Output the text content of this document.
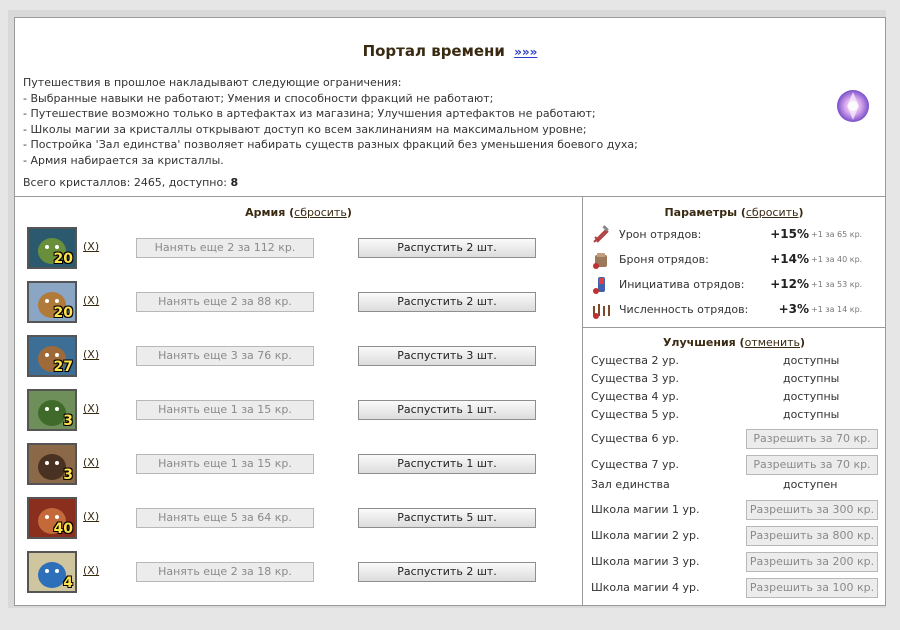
Портал времени »»»
Путешествия в прошлое накладывают следующие ограничения:
- Выбранные навыки не работают; Умения и способности фракций не работают;
- Путешествие возможно только в артефактах из магазина; Улучшения артефактов не работают;
- Школы магии за кристаллы открывают доступ ко всем заклинаниям на максимальном уровне;
- Постройка 'Зал единства' позволяет набирать существ разных фракций без уменьшения боевого духа;
- Армия набирается за кристаллы.
Всего кристаллов: 2465, доступно: 8
Армия (сбросить)
20
(X)	Нанять еще 2 за 112 кр.	Распустить 2 шт.
20
(X)	Нанять еще 2 за 88 кр.	Распустить 2 шт.
27
(X)	Нанять еще 3 за 76 кр.	Распустить 3 шт.
3
(X)	Нанять еще 1 за 15 кр.	Распустить 1 шт.
3
(X)	Нанять еще 1 за 15 кр.	Распустить 1 шт.
40
(X)	Нанять еще 5 за 64 кр.	Распустить 5 шт.
4
(X)	Нанять еще 2 за 18 кр.	Распустить 2 шт.
Параметры (сбросить)
Урон отрядов:	+15% +1 за 65 кр.
Броня отрядов:	+14% +1 за 40 кр.
Инициатива отрядов: +12% +1 за 53 кр.
Численность отрядов:	+3% +1 за 14 кр.
Улучшения (отменить)
Существа 2 ур.	доступны
Существа 3 ур.	доступны
Существа 4 ур.	доступны
Существа 5 ур.	доступны
Существа 6 ур.	Разрешить за 70 кр.
Существа 7 ур.	Разрешить за 70 кр.
Зал единства	доступен
Школа магии 1 ур.	Разрешить за 300 кр.
Школа магии 2 ур.	Разрешить за 800 кр.
Школа магии 3 ур.	Разрешить за 200 кр.
Школа магии 4 ур.	Разрешить за 100 кр.
